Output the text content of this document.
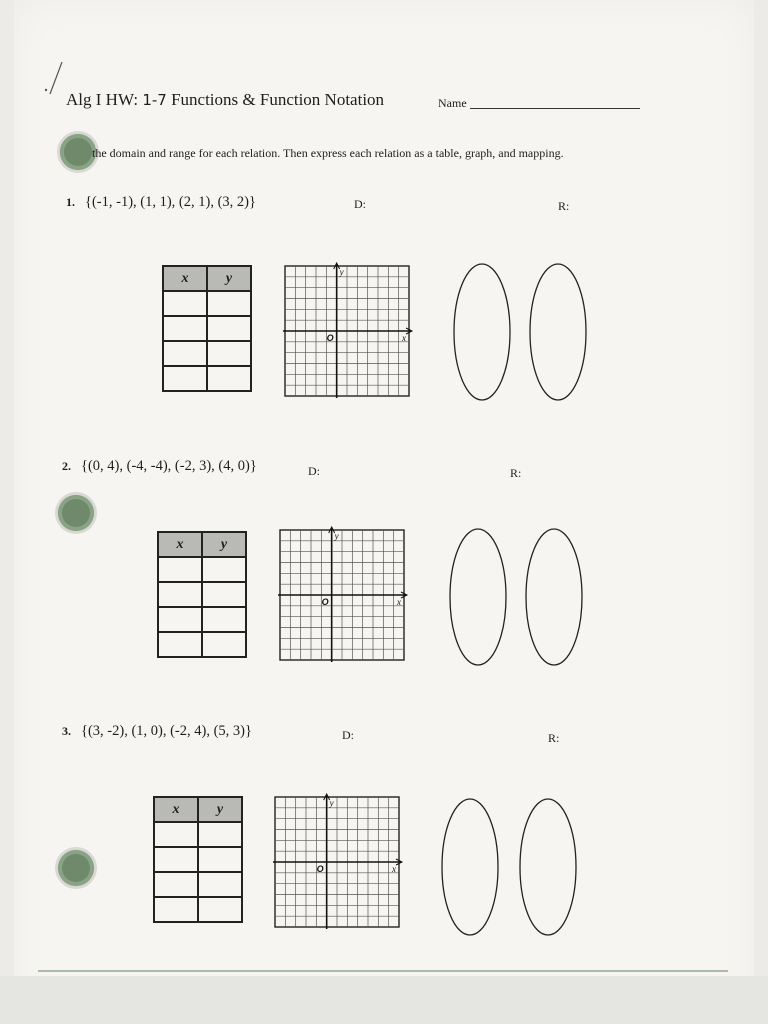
Alg I HW: 1-7 Functions & Function Notation	Name
the domain and range for each relation. Then express each relation as a table, graph, and mapping.
1. {(-1, -1), (1, 1), (2, 1), (3, 2)}	D:	R:
x	y

		y
x
O
2. {(0, 4), (-4, -4), (-2, 3), (4, 0)}	D:	R:
x	y

y
x
O
3. {(3, -2), (1, 0), (-2, 4), (5, 3)}	D:	R:
x	y

		y
x
O
